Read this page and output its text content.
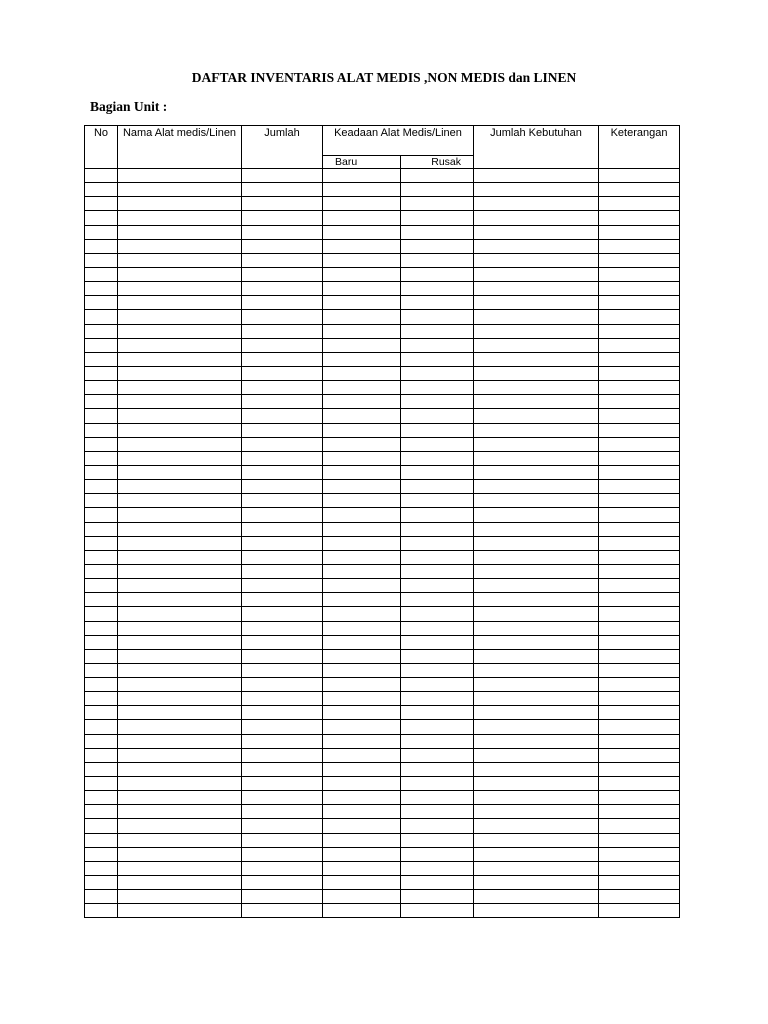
DAFTAR INVENTARIS ALAT MEDIS ,NON MEDIS dan LINEN
Bagian Unit :
No	Nama Alat medis/Linen	Jumlah	Keadaan Alat Medis/Linen		Jumlah Kebutuhan	Keterangan
			Baru	Rusak		
